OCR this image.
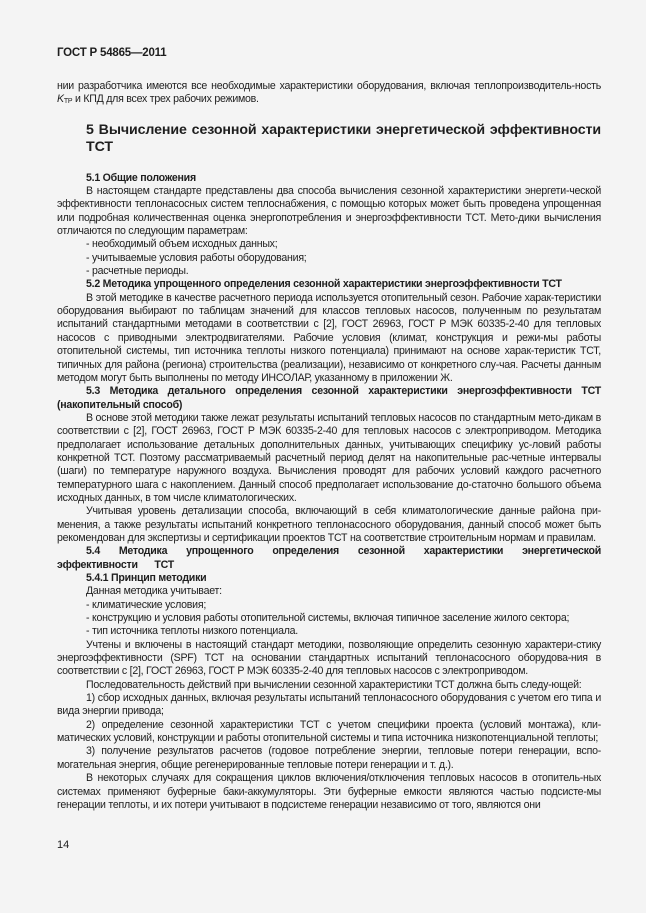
ГОСТ Р 54865—2011

нии разработчика имеются все необходимые характеристики оборудования, включая теплопроизводитель-ность $K_{ТР}$ и КПД для всех трех рабочих режимов.

5 Вычисление сезонной характеристики энергетической эффективности ТСТ

5.1 Общие положения

В настоящем стандарте представлены два способа вычисления сезонной характеристики энергети-ческой эффективности теплонасосных систем теплоснабжения, с помощью которых может быть проведена упрощенная или подробная количественная оценка энергопотребления и энергоэффективности ТСТ. Мето-дики вычисления отличаются по следующим параметрам:

- необходимый объем исходных данных;

- учитываемые условия работы оборудования;

- расчетные периоды.

5.2 Методика упрощенного определения сезонной характеристики энергоэффективности ТСТ

В этой методике в качестве расчетного периода используется отопительный сезон. Рабочие харак-теристики оборудования выбирают по таблицам значений для классов тепловых насосов, полученным по результатам испытаний стандартными методами в соответствии с [2], ГОСТ 26963, ГОСТ Р МЭК 60335-2-40 для тепловых насосов с приводными электродвигателями. Рабочие условия (климат, конструкция и режи-мы работы отопительной системы, тип источника теплоты низкого потенциала) принимают на основе харак-теристик ТСТ, типичных для района (региона) строительства (реализации), независимо от конкретного слу-чая. Расчеты данным методом могут быть выполнены по методу ИНСОЛАР, указанному в приложении Ж.

5.3 Методика детального определения сезонной характеристики энергоэффективности ТСТ (накопительный способ)

В основе этой методики также лежат результаты испытаний тепловых насосов по стандартным мето-дикам в соответствии с [2], ГОСТ 26963, ГОСТ Р МЭК 60335-2-40 для тепловых насосов с электроприводом. Методика предполагает использование детальных дополнительных данных, учитывающих специфику ус-ловий работы конкретной ТСТ. Поэтому рассматриваемый расчетный период делят на накопительные рас-четные интервалы (шаги) по температуре наружного воздуха. Вычисления проводят для рабочих условий каждого расчетного температурного шага с накоплением. Данный способ предполагает использование до-статочно большого объема исходных данных, в том числе климатологических.

Учитывая уровень детализации способа, включающий в себя климатологические данные района при-менения, а также результаты испытаний конкретного теплонасосного оборудования, данный способ может быть рекомендован для экспертизы и сертификации проектов ТСТ на соответствие строительным нормам и правилам.

5.4 Методика упрощенного определения сезонной характеристики энергетической эффективности ТСТ

5.4.1 Принцип методики

Данная методика учитывает:

- климатические условия;

- конструкцию и условия работы отопительной системы, включая типичное заселение жилого сектора;

- тип источника теплоты низкого потенциала.

Учтены и включены в настоящий стандарт методики, позволяющие определить сезонную характери-стику энергоэффективности (SPF) ТСТ на основании стандартных испытаний теплонасосного оборудова-ния в соответствии с [2], ГОСТ 26963, ГОСТ Р МЭК 60335-2-40 для тепловых насосов с электроприводом.

Последовательность действий при вычислении сезонной характеристики ТСТ должна быть следу-ющей:

1) сбор исходных данных, включая результаты испытаний теплонасосного оборудования с учетом его типа и вида энергии привода;

2) определение сезонной характеристики ТСТ с учетом специфики проекта (условий монтажа), кли-матических условий, конструкции и работы отопительной системы и типа источника низкопотенциальной теплоты;

3) получение результатов расчетов (годовое потребление энергии, тепловые потери генерации, вспо-могательная энергия, общие регенерированные тепловые потери генерации и т. д.).

В некоторых случаях для сокращения циклов включения/отключения тепловых насосов в отопитель-ных системах применяют буферные баки-аккумуляторы. Эти буферные емкости являются частью подсисте-мы генерации теплоты, и их потери учитывают в подсистеме генерации независимо от того, являются они

14
